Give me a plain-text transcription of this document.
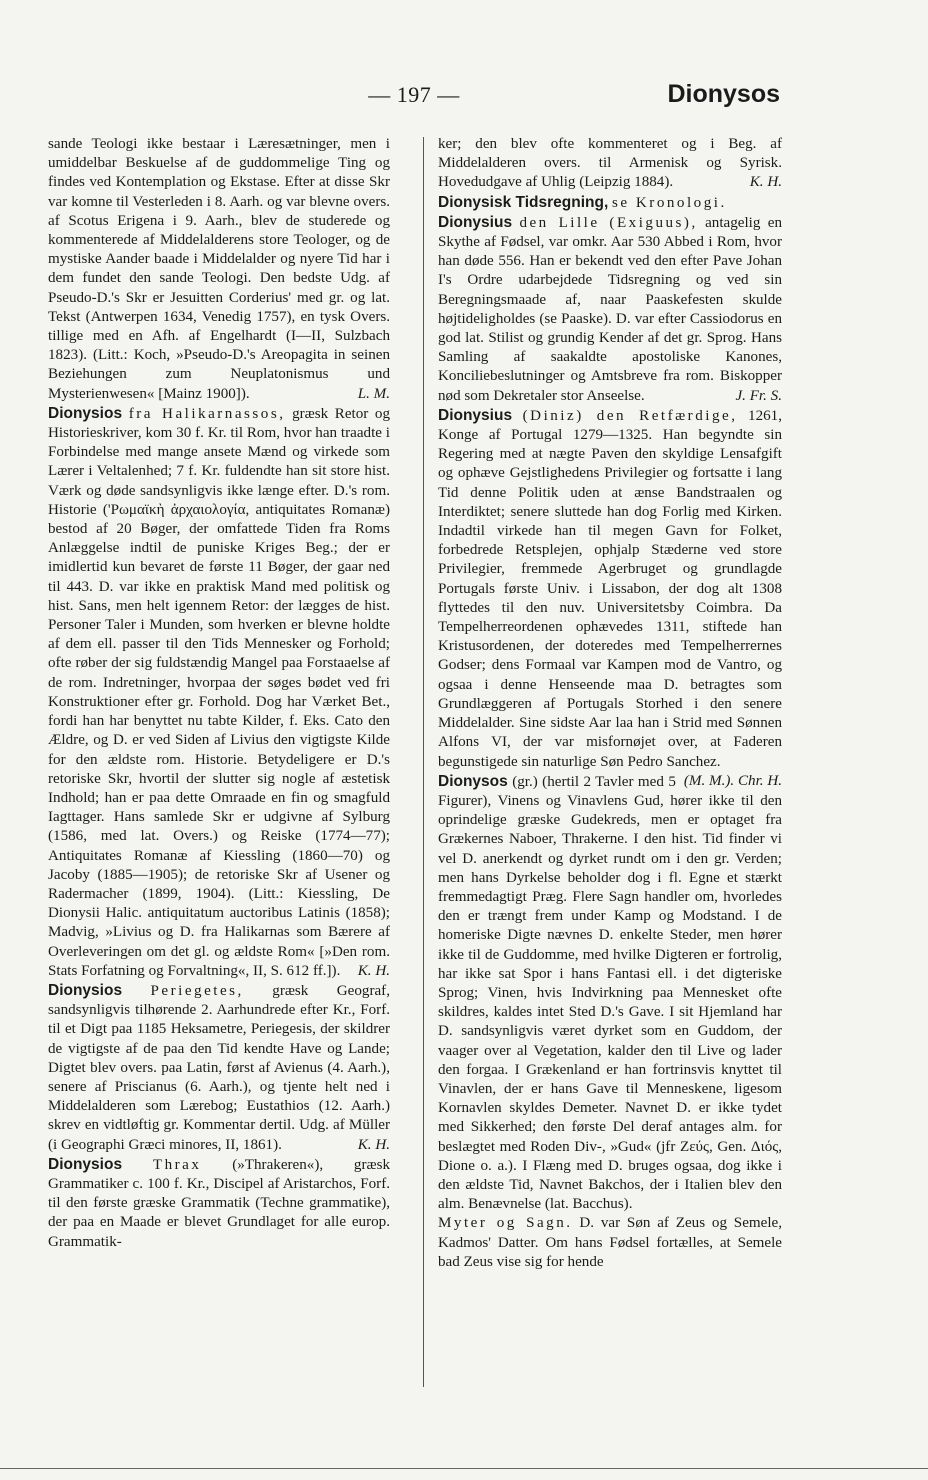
— 197 —	Dionysos

sande Teologi ikke bestaar i Læresætninger, men i umiddelbar Beskuelse af de guddommelige Ting og findes ved Kontemplation og Ekstase. Efter at disse Skr var komne til Vesterleden i 8. Aarh. og var blevne overs. af Scotus Erigena i 9. Aarh., blev de studerede og kommenterede af Middelalderens store Teologer, og de mystiske Aander baade i Middelalder og nyere Tid har i dem fundet den sande Teologi. Den bedste Udg. af Pseudo-D.'s Skr er Jesuitten Corderius' med gr. og lat. Tekst (Antwerpen 1634, Venedig 1757), en tysk Overs. tillige med en Afh. af Engelhardt (I—II, Sulzbach 1823). (Litt.: Koch, »Pseudo-D.'s Areopagita in seinen Beziehungen zum Neuplatonismus und Mysterienwesen« [Mainz 1900]).	L. M.

Dionysios fra Halikarnassos, græsk Retor og Historieskriver, kom 30 f. Kr. til Rom, hvor han traadte i Forbindelse med mange ansete Mænd og virkede som Lærer i Veltalenhed; 7 f. Kr. fuldendte han sit store hist. Værk og døde sandsynligvis ikke længe efter. D.'s rom. Historie ('Ρωμαϊκὴ ἀρχαιολογία, antiquitates Romanæ) bestod af 20 Bøger, der omfattede Tiden fra Roms Anlæggelse indtil de puniske Kriges Beg.; der er imidlertid kun bevaret de første 11 Bøger, der gaar ned til 443. D. var ikke en praktisk Mand med politisk og hist. Sans, men helt igennem Retor: der lægges de hist. Personer Taler i Munden, som hverken er blevne holdte af dem ell. passer til den Tids Mennesker og Forhold; ofte røber der sig fuldstændig Mangel paa Forstaaelse af de rom. Indretninger, hvorpaa der søges bødet ved fri Konstruktioner efter gr. Forhold. Dog har Værket Bet., fordi han har benyttet nu tabte Kilder, f. Eks. Cato den Ældre, og D. er ved Siden af Livius den vigtigste Kilde for den ældste rom. Historie. Betydeligere er D.'s retoriske Skr, hvortil der slutter sig nogle af æstetisk Indhold; han er paa dette Omraade en fin og smagfuld Iagttager. Hans samlede Skr er udgivne af Sylburg (1586, med lat. Overs.) og Reiske (1774—77); Antiquitates Romanæ af Kiessling (1860—70) og Jacoby (1885—1905); de retoriske Skr af Usener og Radermacher (1899, 1904). (Litt.: Kiessling, De Dionysii Halic. antiquitatum auctoribus Latinis (1858); Madvig, »Livius og D. fra Halikarnas som Bærere af Overleveringen om det gl. og ældste Rom« [»Den rom. Stats Forfatning og Forvaltning«, II, S. 612 ff.]).	K. H.

Dionysios Periegetes, græsk Geograf, sandsynligvis tilhørende 2. Aarhundrede efter Kr., Forf. til et Digt paa 1185 Heksametre, Periegesis, der skildrer de vigtigste af de paa den Tid kendte Have og Lande; Digtet blev overs. paa Latin, først af Avienus (4. Aarh.), senere af Priscianus (6. Aarh.), og tjente helt ned i Middelalderen som Lærebog; Eustathios (12. Aarh.) skrev en vidtløftig gr. Kommentar dertil. Udg. af Müller (i Geographi Græci minores, II, 1861).	K. H.

Dionysios Thrax (»Thrakeren«), græsk Grammatiker c. 100 f. Kr., Discipel af Aristarchos, Forf. til den første græske Grammatik (Techne grammatike), der paa en Maade er blevet Grundlaget for alle europ. Grammatik-

ker; den blev ofte kommenteret og i Beg. af Middelalderen overs. til Armenisk og Syrisk. Hovedudgave af Uhlig (Leipzig 1884).	K. H.

Dionysisk Tidsregning, se Kronologi.

Dionysius den Lille (Exiguus), antagelig en Skythe af Fødsel, var omkr. Aar 530 Abbed i Rom, hvor han døde 556. Han er bekendt ved den efter Pave Johan I's Ordre udarbejdede Tidsregning og ved sin Beregningsmaade af, naar Paaskefesten skulde højtideligholdes (se Paaske). D. var efter Cassiodorus en god lat. Stilist og grundig Kender af det gr. Sprog. Hans Samling af saakaldte apostoliske Kanones, Konciliebeslutninger og Amtsbreve fra rom. Biskopper nød som Dekretaler stor Anseelse.	J. Fr. S.

Dionysius (Diniz) den Retfærdige, 1261, Konge af Portugal 1279—1325. Han begyndte sin Regering med at nægte Paven den skyldige Lensafgift og ophæve Gejstlighedens Privilegier og fortsatte i lang Tid denne Politik uden at ænse Bandstraalen og Interdiktet; senere sluttede han dog Forlig med Kirken. Indadtil virkede han til megen Gavn for Folket, forbedrede Retsplejen, ophjalp Stæderne ved store Privilegier, fremmede Agerbruget og grundlagde Portugals første Univ. i Lissabon, der dog alt 1308 flyttedes til den nuv. Universitetsby Coimbra. Da Tempelherreordenen ophævedes 1311, stiftede han Kristusordenen, der doteredes med Tempelherrernes Godser; dens Formaal var Kampen mod de Vantro, og ogsaa i denne Henseende maa D. betragtes som Grundlæggeren af Portugals Storhed i den senere Middelalder. Sine sidste Aar laa han i Strid med Sønnen Alfons VI, der var misfornøjet over, at Faderen begunstigede sin naturlige Søn Pedro Sanchez.
(M. M.). Chr. H.

Dionysos (gr.) (hertil 2 Tavler med 5 Figurer), Vinens og Vinavlens Gud, hører ikke til den oprindelige græske Gudekreds, men er optaget fra Grækernes Naboer, Thrakerne. I den hist. Tid finder vi vel D. anerkendt og dyrket rundt om i den gr. Verden; men hans Dyrkelse beholder dog i fl. Egne et stærkt fremmedagtigt Præg. Flere Sagn handler om, hvorledes den er trængt frem under Kamp og Modstand. I de homeriske Digte nævnes D. enkelte Steder, men hører ikke til de Guddomme, med hvilke Digteren er fortrolig, har ikke sat Spor i hans Fantasi ell. i det digteriske Sprog; Vinen, hvis Indvirkning paa Mennesket ofte skildres, kaldes intet Sted D.'s Gave. I sit Hjemland har D. sandsynligvis været dyrket som en Guddom, der vaager over al Vegetation, kalder den til Live og lader den forgaa. I Grækenland er han fortrinsvis knyttet til Vinavlen, der er hans Gave til Menneskene, ligesom Kornavlen skyldes Demeter. Navnet D. er ikke tydet med Sikkerhed; den første Del deraf antages alm. for beslægtet med Roden Div-, »Gud« (jfr Ζεύς, Gen. Διός, Dione o. a.). I Flæng med D. bruges ogsaa, dog ikke i den ældste Tid, Navnet Bakchos, der i Italien blev den alm. Benævnelse (lat. Bacchus).

Myter og Sagn. D. var Søn af Zeus og Semele, Kadmos' Datter. Om hans Fødsel fortælles, at Semele bad Zeus vise sig for hende
